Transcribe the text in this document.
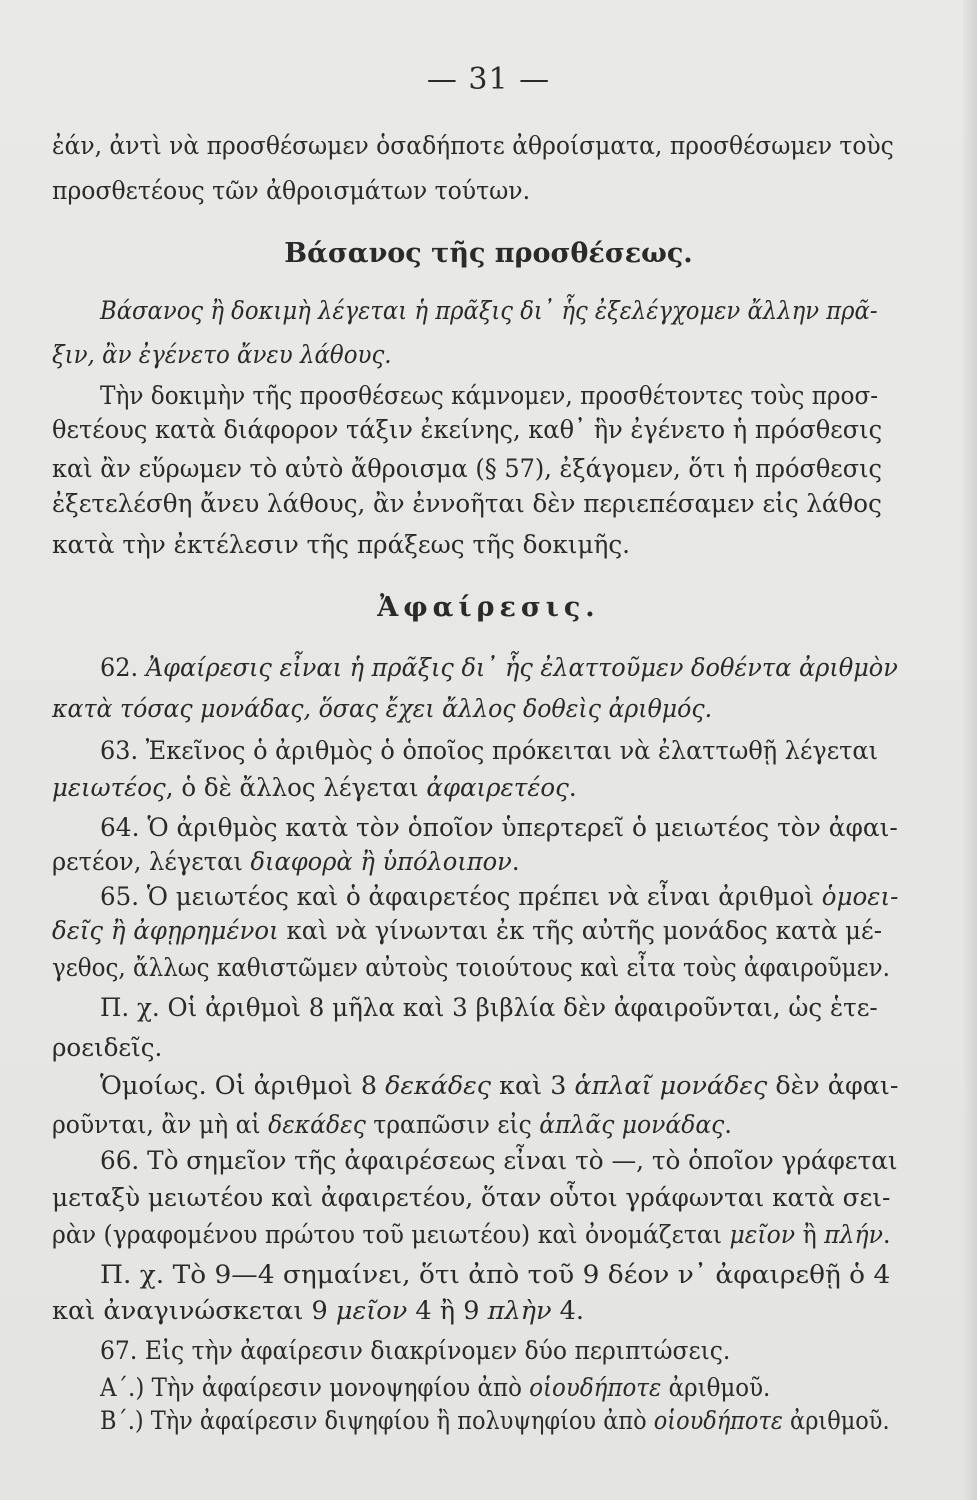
— 31 —
Βάσανος τῆς προσθέσεως.
Ἀφαίρεσις.
ἐάν, ἀντὶ νὰ προσθέσωμεν ὁσαδήποτε ἀθροίσματα, προσθέσωμεν τοὺς
προσθετέους τῶν ἀθροισμάτων τούτων.
Βάσανος ἢ δοκιμὴ λέγεται ἡ πρᾶξις δι᾽ ἧς ἐξελέγχομεν ἄλλην πρᾶ-
ξιν, ἂν ἐγένετο ἄνευ λάθους.
Τὴν δοκιμὴν τῆς προσθέσεως κάμνομεν, προσθέτοντες τοὺς προσ-
θετέους κατὰ διάφορον τάξιν ἐκείνης, καθ᾽ ἣν ἐγένετο ἡ πρόσθεσις
καὶ ἂν εὕρωμεν τὸ αὐτὸ ἄθροισμα (§ 57), ἐξάγομεν, ὅτι ἡ πρόσθεσις
ἐξετελέσθη ἄνευ λάθους, ἂν ἐννοῆται δὲν περιεπέσαμεν εἰς λάθος
κατὰ τὴν ἐκτέλεσιν τῆς πράξεως τῆς δοκιμῆς.
62. Ἀφαίρεσις εἶναι ἡ πρᾶξις δι᾽ ἧς ἐλαττοῦμεν δοθέντα ἀριθμὸν
κατὰ τόσας μονάδας, ὅσας ἔχει ἄλλος δοθεὶς ἀριθμός.
63. Ἐκεῖνος ὁ ἀριθμὸς ὁ ὁποῖος πρόκειται νὰ ἐλαττωθῇ λέγεται
μειωτέος, ὁ δὲ ἄλλος λέγεται ἀφαιρετέος.
64. Ὁ ἀριθμὸς κατὰ τὸν ὁποῖον ὑπερτερεῖ ὁ μειωτέος τὸν ἀφαι-
ρετέον, λέγεται διαφορὰ ἢ ὑπόλοιπον.
65. Ὁ μειωτέος καὶ ὁ ἀφαιρετέος πρέπει νὰ εἶναι ἀριθμοὶ ὁμοει-
δεῖς ἢ ἀφῃρημένοι καὶ νὰ γίνωνται ἐκ τῆς αὐτῆς μονάδος κατὰ μέ-
γεθος, ἄλλως καθιστῶμεν αὐτοὺς τοιούτους καὶ εἶτα τοὺς ἀφαιροῦμεν.
Π. χ. Οἱ ἀριθμοὶ 8 μῆλα καὶ 3 βιβλία δὲν ἀφαιροῦνται, ὡς ἑτε-
ροειδεῖς.
Ὁμοίως. Οἱ ἀριθμοὶ 8 δεκάδες καὶ 3 ἁπλαῖ μονάδες δὲν ἀφαι-
ροῦνται, ἂν μὴ αἱ δεκάδες τραπῶσιν εἰς ἁπλᾶς μονάδας.
66. Τὸ σημεῖον τῆς ἀφαιρέσεως εἶναι τὸ —, τὸ ὁποῖον γράφεται
μεταξὺ μειωτέου καὶ ἀφαιρετέου, ὅταν οὗτοι γράφωνται κατὰ σει-
ρὰν (γραφομένου πρώτου τοῦ μειωτέου) καὶ ὀνομάζεται μεῖον ἢ πλήν.
Π. χ. Τὸ 9—4 σημαίνει, ὅτι ἀπὸ τοῦ 9 δέον ν᾽ ἀφαιρεθῇ ὁ 4
καὶ ἀναγινώσκεται 9 μεῖον 4 ἢ 9 πλὴν 4.
67. Εἰς τὴν ἀφαίρεσιν διακρίνομεν δύο περιπτώσεις.
Α΄.) Τὴν ἀφαίρεσιν μονοψηφίου ἀπὸ οἱουδήποτε ἀριθμοῦ.
Β΄.) Τὴν ἀφαίρεσιν διψηφίου ἢ πολυψηφίου ἀπὸ οἱουδήποτε ἀριθμοῦ.
